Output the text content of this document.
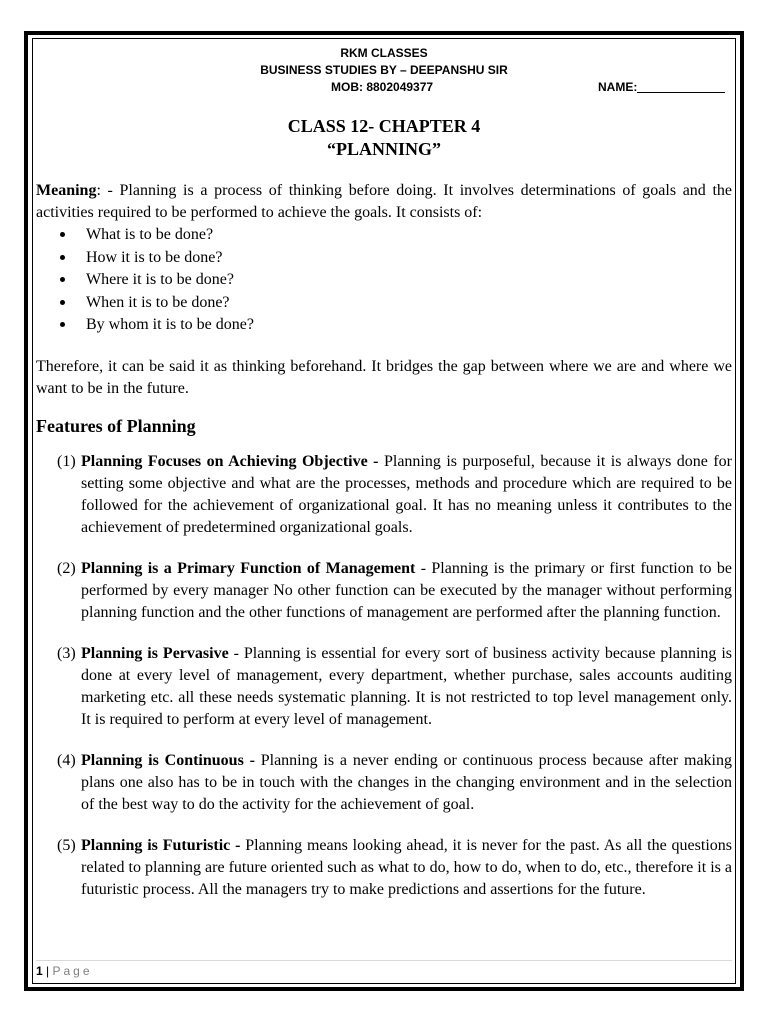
RKM CLASSES
BUSINESS STUDIES BY – DEEPANSHU SIR
MOB: 8802049377	NAME:
CLASS 12- CHAPTER 4
“PLANNING”

Meaning: - Planning is a process of thinking before doing. It involves determinations of goals and the activities required to be performed to achieve the goals. It consists of:

What is to be done?
How it is to be done?
Where it is to be done?
When it is to be done?
By whom it is to be done?

Therefore, it can be said it as thinking beforehand. It bridges the gap between where we are and where we want to be in the future.

Features of Planning
(1) Planning Focuses on Achieving Objective - Planning is purposeful, because it is always done for setting some objective and what are the processes, methods and procedure which are required to be followed for the achievement of organizational goal. It has no meaning unless it contributes to the achievement of predetermined organizational goals.
(2) Planning is a Primary Function of Management - Planning is the primary or first function to be performed by every manager No other function can be executed by the manager without performing planning function and the other functions of management are performed after the planning function.
(3) Planning is Pervasive - Planning is essential for every sort of business activity because planning is done at every level of management, every department, whether purchase, sales accounts auditing marketing etc. all these needs systematic planning. It is not restricted to top level management only. It is required to perform at every level of management.
(4) Planning is Continuous - Planning is a never ending or continuous process because after making plans one also has to be in touch with the changes in the changing environment and in the selection of the best way to do the activity for the achievement of goal.
(5) Planning is Futuristic - Planning means looking ahead, it is never for the past. As all the questions related to planning are future oriented such as what to do, how to do, when to do, etc., therefore it is a futuristic process. All the managers try to make predictions and assertions for the future.
1 | Page
